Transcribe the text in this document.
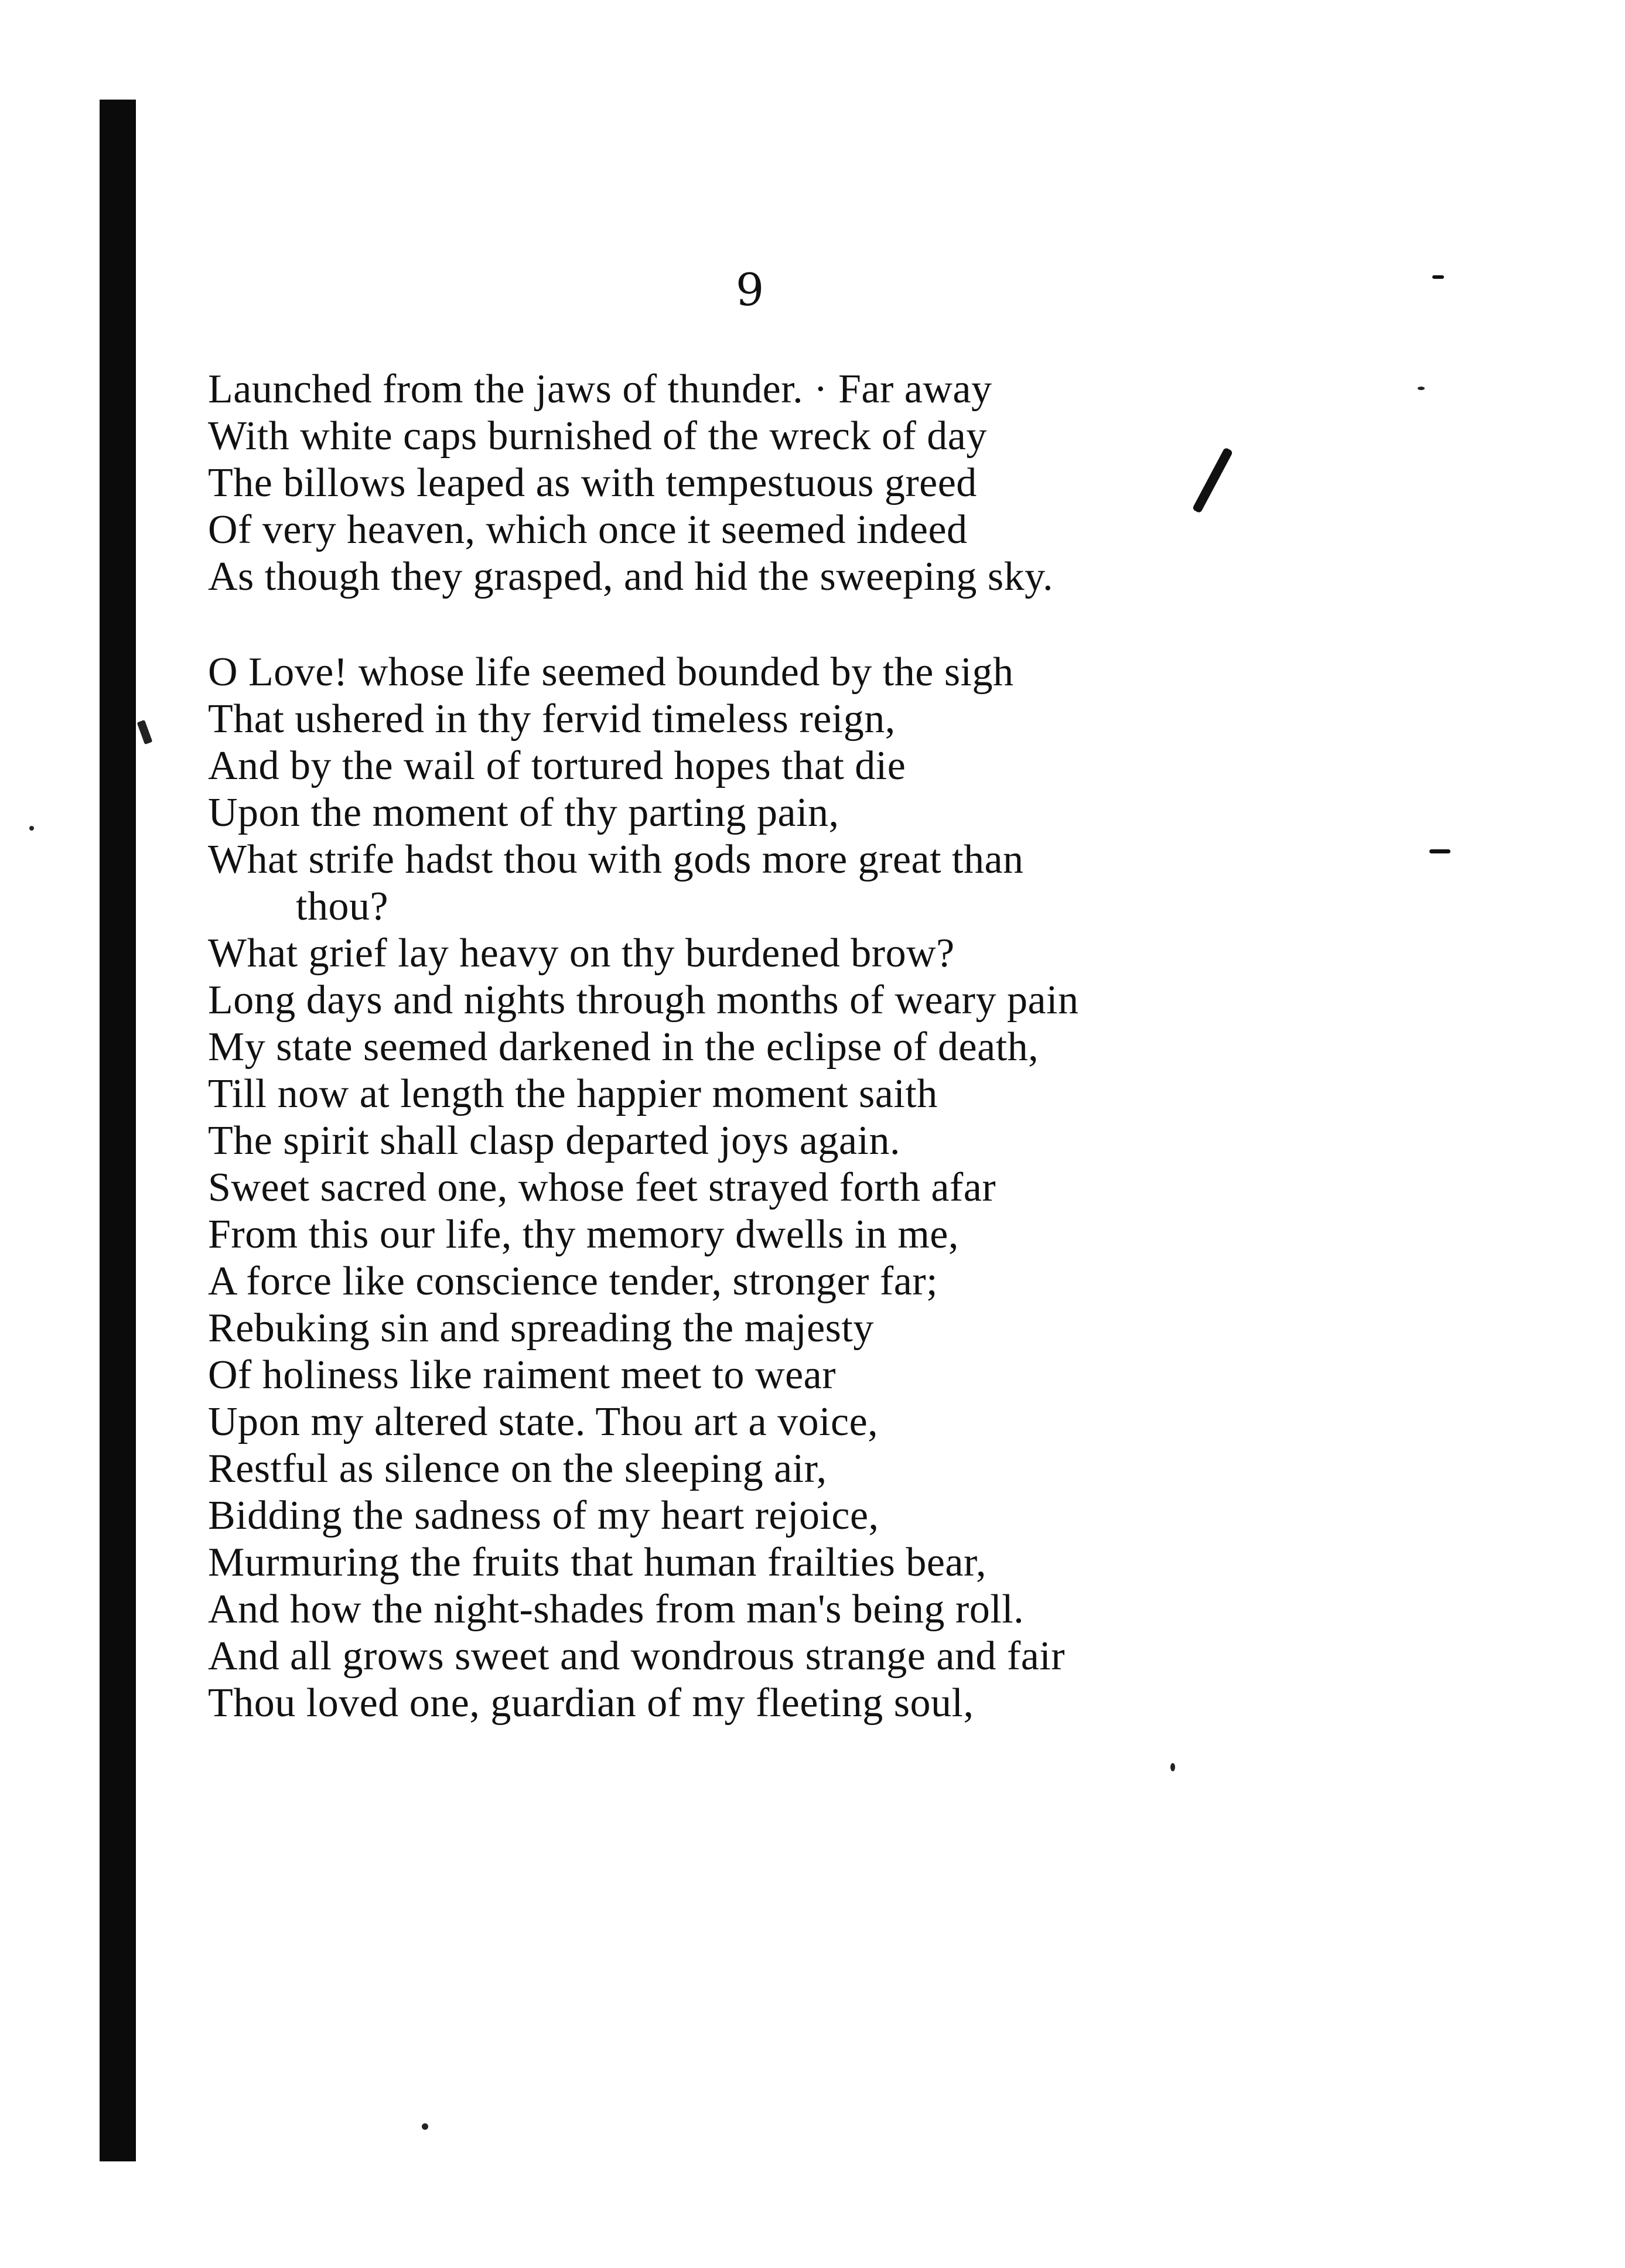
9
Launched from the jaws of thunder. · Far away
With white caps burnished of the wreck of day
The billows leaped as with tempestuous greed
Of very heaven, which once it seemed indeed
As though they grasped, and hid the sweeping sky.
O Love! whose life seemed bounded by the sigh
That ushered in thy fervid timeless reign,
And by the wail of tortured hopes that die
Upon the moment of thy parting pain,
What strife hadst thou with gods more great than
thou?
What grief lay heavy on thy burdened brow?
Long days and nights through months of weary pain
My state seemed darkened in the eclipse of death,
Till now at length the happier moment saith
The spirit shall clasp departed joys again.
Sweet sacred one, whose feet strayed forth afar
From this our life, thy memory dwells in me,
A force like conscience tender, stronger far;
Rebuking sin and spreading the majesty
Of holiness like raiment meet to wear
Upon my altered state. Thou art a voice,
Restful as silence on the sleeping air,
Bidding the sadness of my heart rejoice,
Murmuring the fruits that human frailties bear,
And how the night-shades from man's being roll.
And all grows sweet and wondrous strange and fair
Thou loved one, guardian of my fleeting soul,
